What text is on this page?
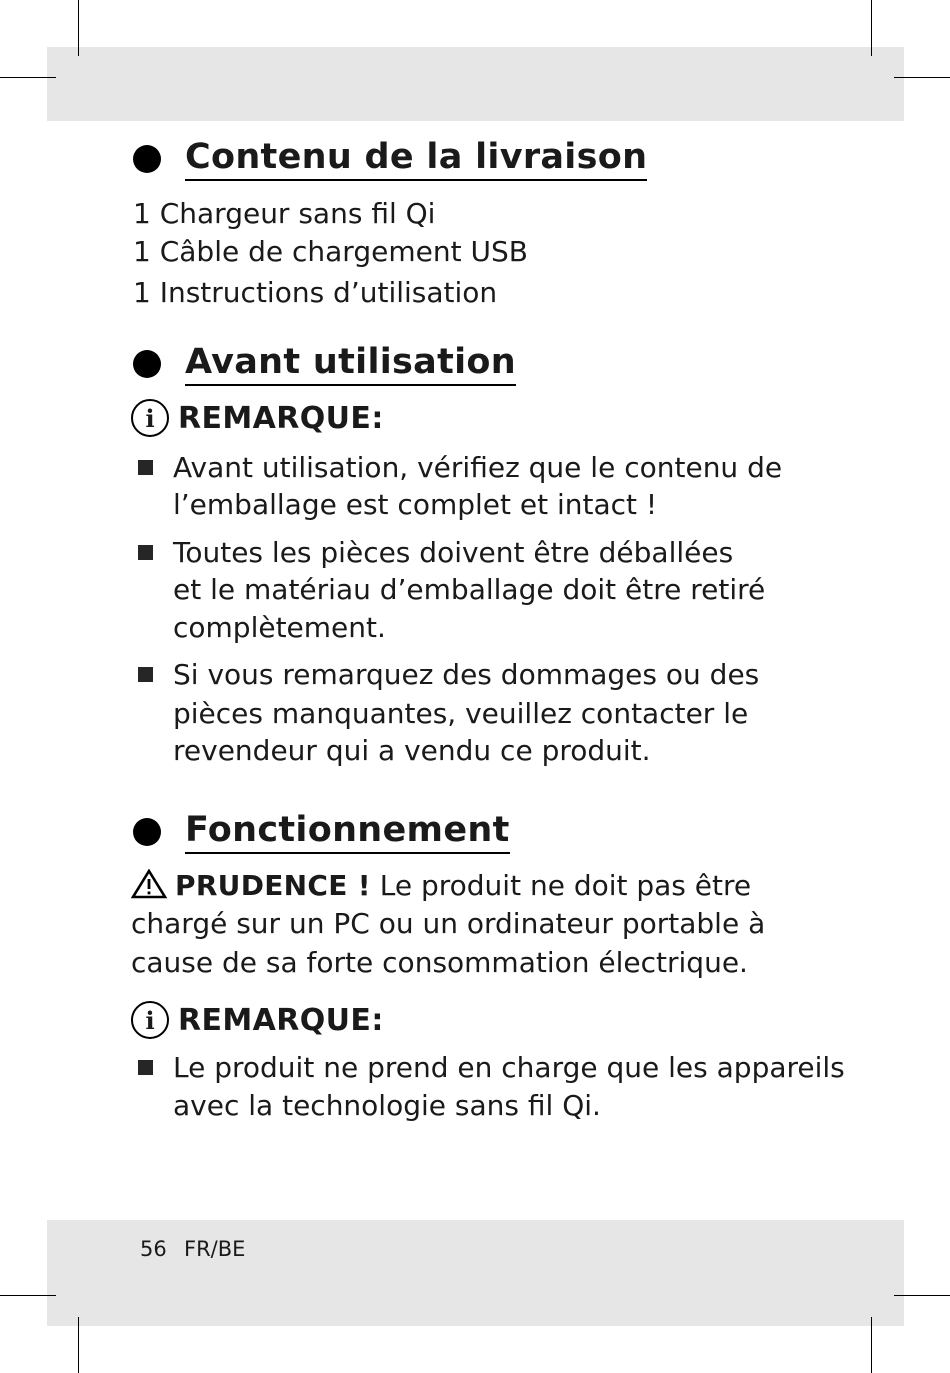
Contenu de la livraison
1 Chargeur sans fil Qi
1 Câble de chargement USB
1 Instructions d’utilisation
Avant utilisation
i REMARQUE:
Avant utilisation, vérifiez que le contenu de
l’emballage est complet et intact !
Toutes les pièces doivent être déballées
et le matériau d’emballage doit être retiré
complètement.
Si vous remarquez des dommages ou des
pièces manquantes, veuillez contacter le
revendeur qui a vendu ce produit.
Fonctionnement
PRUDENCE ! Le produit ne doit pas être
chargé sur un PC ou un ordinateur portable à
cause de sa forte consommation électrique.
i REMARQUE:
Le produit ne prend en charge que les appareils
avec la technologie sans fil Qi.
56 FR/BE
